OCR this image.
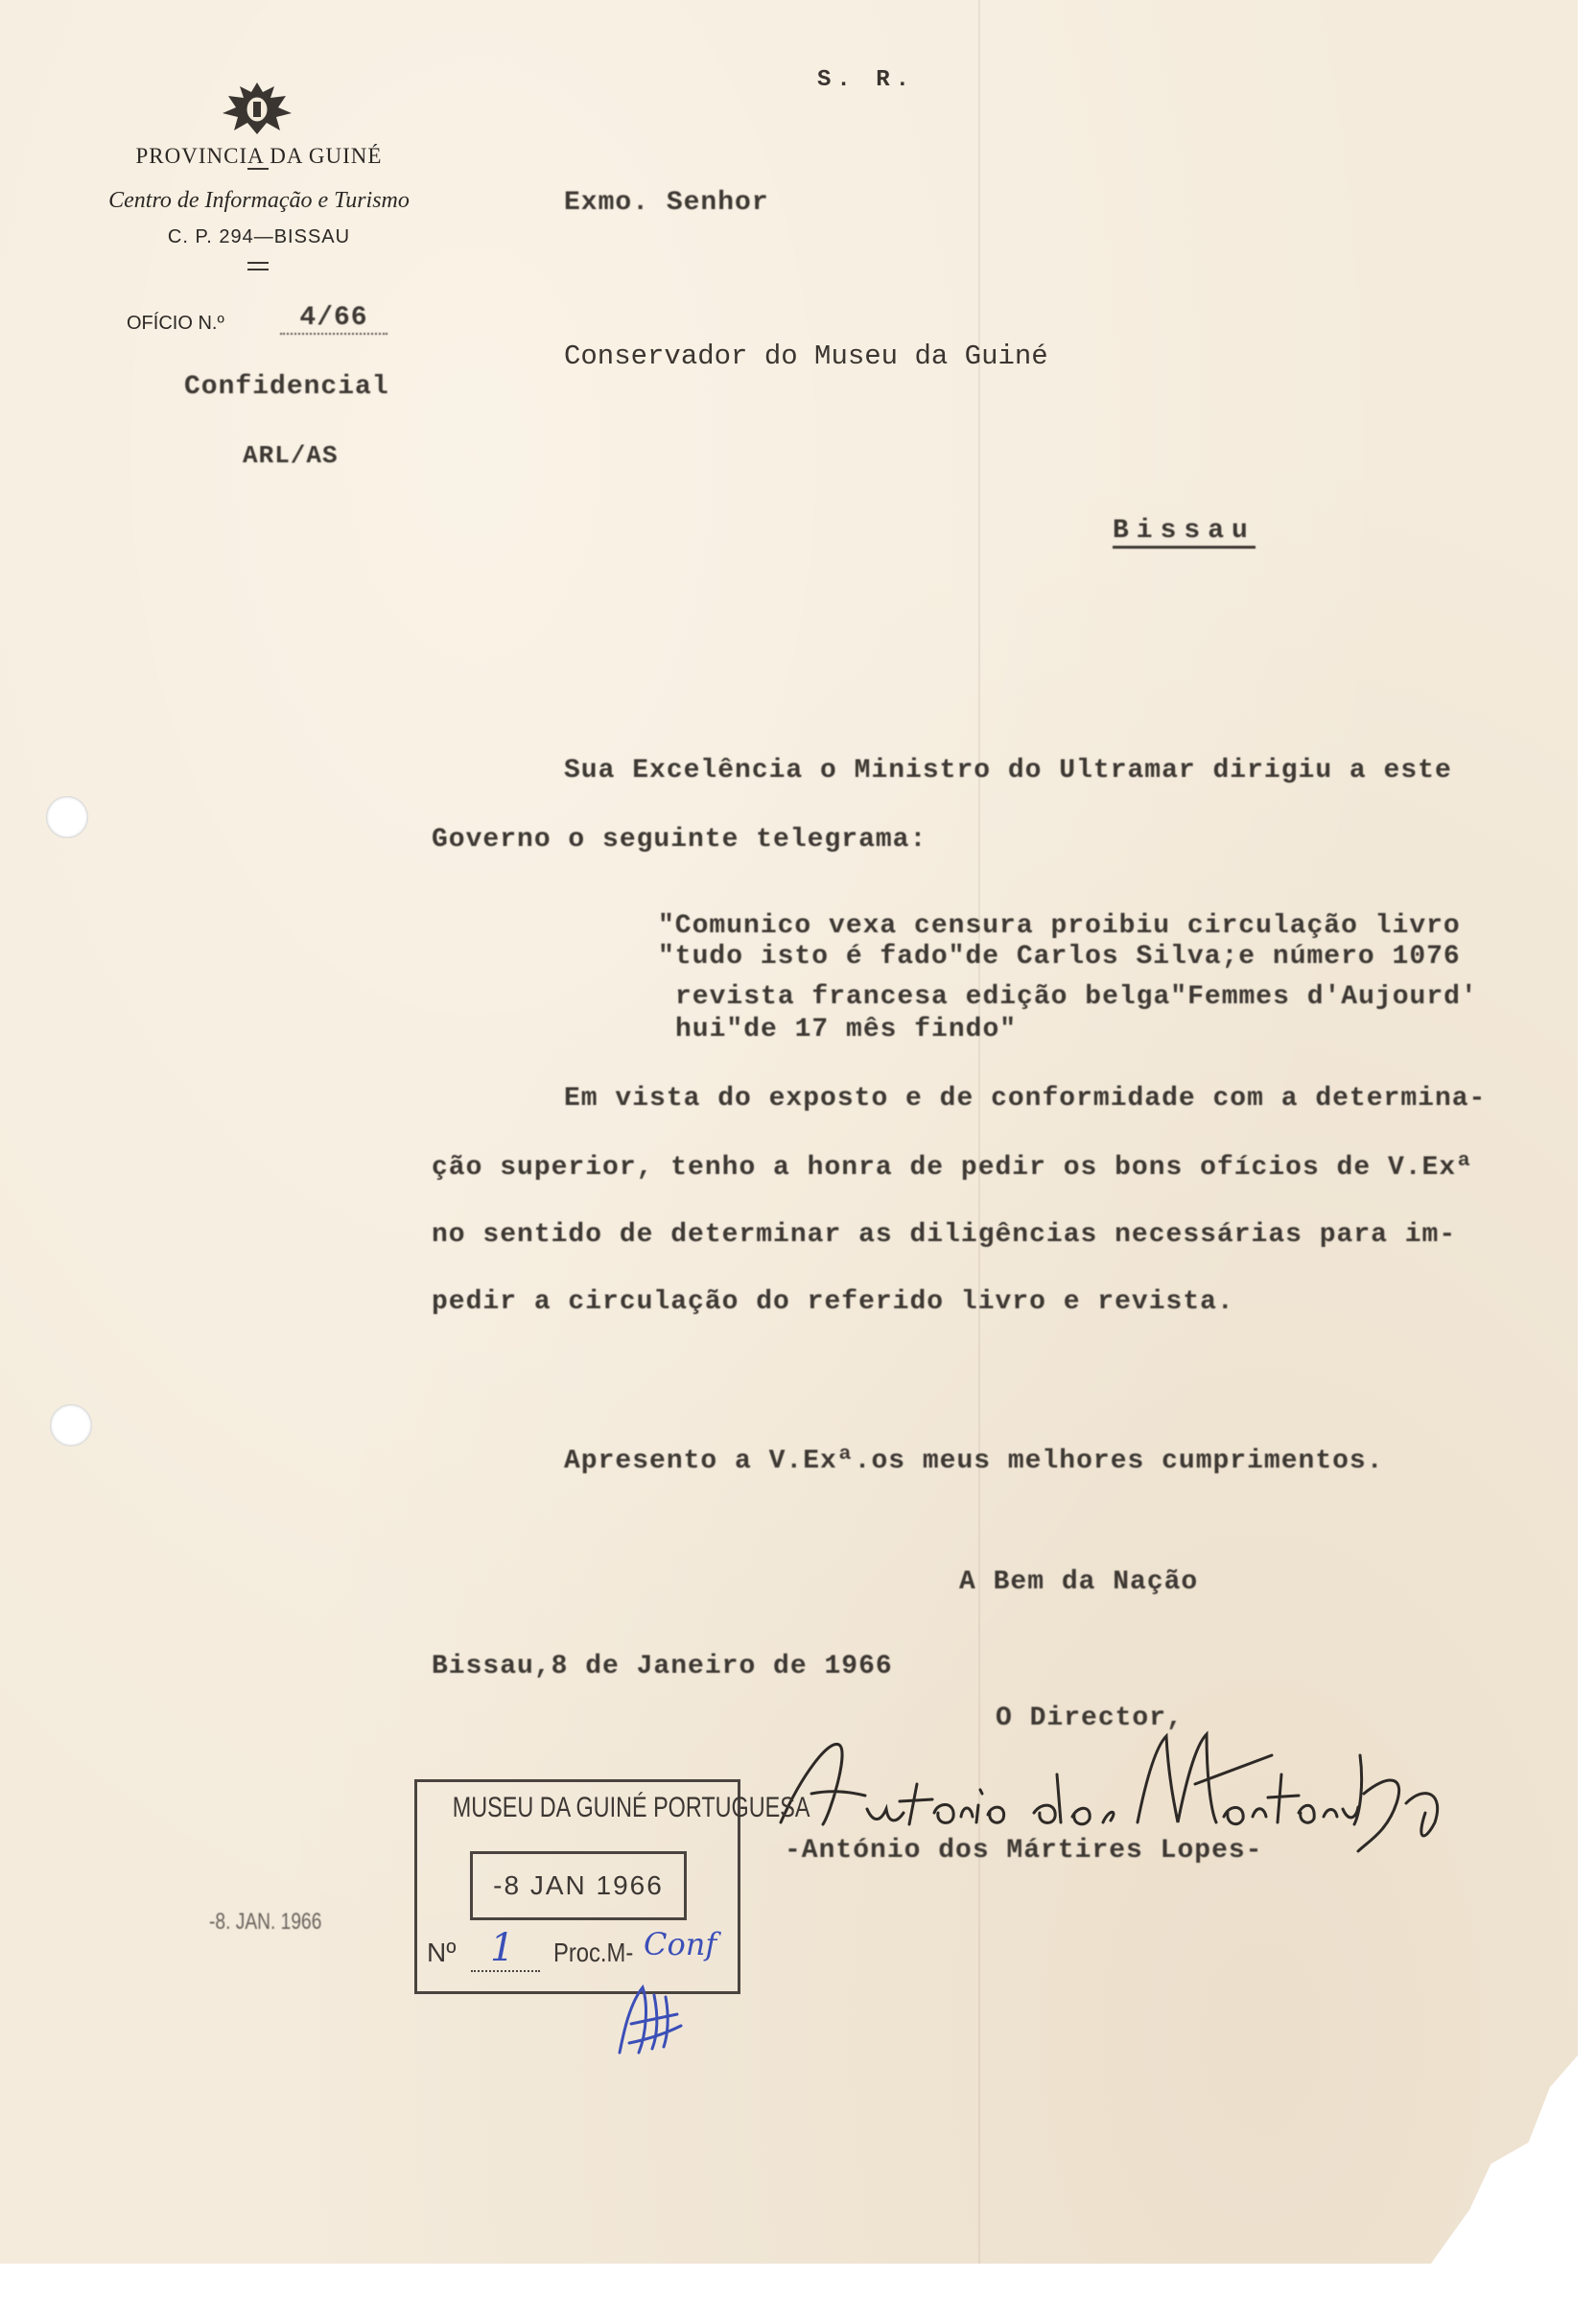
S. R.
PROVINCIA DA GUINÉ
Centro de Informação e Turismo
C. P. 294—BISSAU
OFÍCIO N.º	4/66
Confidencial
ARL/AS
Exmo. Senhor
Conservador do Museu da Guiné
Bissau
Sua Excelência o Ministro do Ultramar dirigiu a este
Governo o seguinte telegrama:
"Comunico vexa censura proibiu circulação livro
"tudo isto é fado"de Carlos Silva;e número 1076
revista francesa edição belga"Femmes d'Aujourd'
hui"de 17 mês findo"
Em vista do exposto e de conformidade com a determina-
ção superior, tenho a honra de pedir os bons ofícios de V.Exª
no sentido de determinar as diligências necessárias para im-
pedir a circulação do referido livro e revista.
Apresento a V.Exª.os meus melhores cumprimentos.
A Bem da Nação
Bissau,8 de Janeiro de 1966
O Director,
-António dos Mártires Lopes-
-8. JAN. 1966
MUSEU DA GUINÉ PORTUGUESA
-8 JAN 1966
Nº 1 Proc.M- Conf
